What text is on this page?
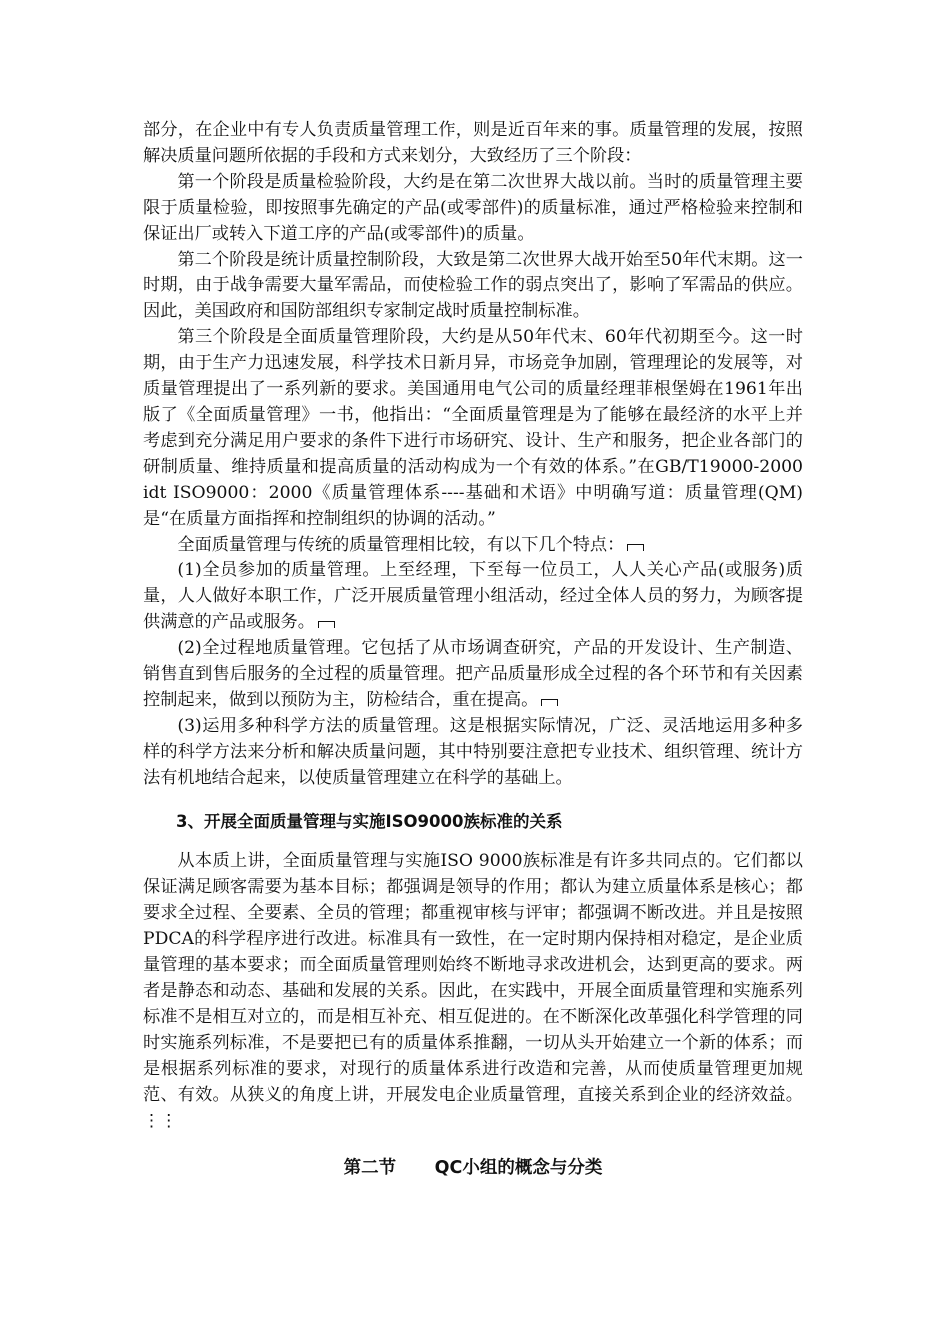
部分，在企业中有专人负责质量管理工作，则是近百年来的事。质量管理的发展，按照解决质量问题所依据的手段和方式来划分，大致经历了三个阶段：

第一个阶段是质量检验阶段，大约是在第二次世界大战以前。当时的质量管理主要限于质量检验，即按照事先确定的产品(或零部件)的质量标准，通过严格检验来控制和保证出厂或转入下道工序的产品(或零部件)的质量。

第二个阶段是统计质量控制阶段，大致是第二次世界大战开始至50年代末期。这一时期，由于战争需要大量军需品，而使检验工作的弱点突出了，影响了军需品的供应。因此，美国政府和国防部组织专家制定战时质量控制标准。

第三个阶段是全面质量管理阶段，大约是从50年代末、60年代初期至今。这一时期，由于生产力迅速发展，科学技术日新月异，市场竞争加剧，管理理论的发展等，对质量管理提出了一系列新的要求。美国通用电气公司的质量经理菲根堡姆在1961年出版了《全面质量管理》一书，他指出：“全面质量管理是为了能够在最经济的水平上并考虑到充分满足用户要求的条件下进行市场研究、设计、生产和服务，把企业各部门的研制质量、维持质量和提高质量的活动构成为一个有效的体系。”在GB/T19000-2000 idt ISO9000：2000《质量管理体系----基础和术语》中明确写道：质量管理(QM)是“在质量方面指挥和控制组织的协调的活动。”

全面质量管理与传统的质量管理相比较，有以下几个特点：

(1)全员参加的质量管理。上至经理，下至每一位员工，人人关心产品(或服务)质量，人人做好本职工作，广泛开展质量管理小组活动，经过全体人员的努力，为顾客提供满意的产品或服务。

(2)全过程地质量管理。它包括了从市场调查研究，产品的开发设计、生产制造、销售直到售后服务的全过程的质量管理。把产品质量形成全过程的各个环节和有关因素控制起来，做到以预防为主，防检结合，重在提高。

(3)运用多种科学方法的质量管理。这是根据实际情况，广泛、灵活地运用多种多样的科学方法来分析和解决质量问题，其中特别要注意把专业技术、组织管理、统计方法有机地结合起来，以使质量管理建立在科学的基础上。

3、开展全面质量管理与实施ISO9000族标准的关系

从本质上讲，全面质量管理与实施ISO 9000族标准是有许多共同点的。它们都以保证满足顾客需要为基本目标；都强调是领导的作用；都认为建立质量体系是核心；都要求全过程、全要素、全员的管理；都重视审核与评审；都强调不断改进。并且是按照PDCA的科学程序进行改进。标准具有一致性，在一定时期内保持相对稳定，是企业质量管理的基本要求；而全面质量管理则始终不断地寻求改进机会，达到更高的要求。两者是静态和动态、基础和发展的关系。因此，在实践中，开展全面质量管理和实施系列标准不是相互对立的，而是相互补充、相互促进的。在不断深化改革强化科学管理的同时实施系列标准，不是要把已有的质量体系推翻，一切从头开始建立一个新的体系；而是根据系列标准的要求，对现行的质量体系进行改造和完善，从而使质量管理更加规范、有效。从狭义的角度上讲，开展发电企业质量管理，直接关系到企业的经济效益。⋮⋮

第二节 QC小组的概念与分类
